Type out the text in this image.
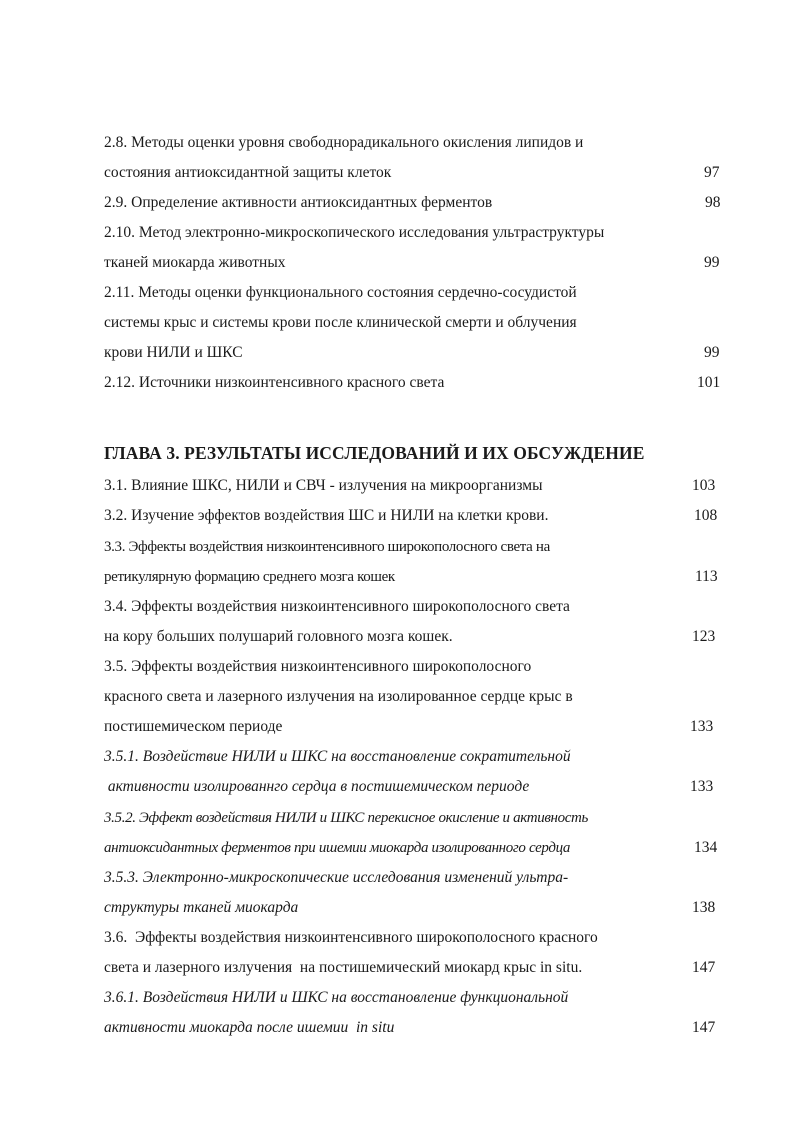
2.8. Методы оценки уровня свободнорадикального окисления липидов и
состояния антиоксидантной защиты клеток	97
2.9. Определение активности антиоксидантных ферментов	98
2.10. Метод электронно-микроскопического исследования ультраструктуры
тканей миокарда животных	99
2.11. Методы оценки функционального состояния сердечно-сосудистой
системы крыс и системы крови после клинической смерти и облучения
крови НИЛИ и ШКС	99
2.12. Источники низкоинтенсивного красного света	101
ГЛАВА 3. РЕЗУЛЬТАТЫ ИССЛЕДОВАНИЙ И ИХ ОБСУЖДЕНИЕ
3.1. Влияние ШКС, НИЛИ и СВЧ - излучения на микроорганизмы	103
3.2. Изучение эффектов воздействия ШС и НИЛИ на клетки крови.	108
3.3. Эффекты воздействия низкоинтенсивного широкополосного света на
ретикулярную формацию среднего мозга кошек	113
3.4. Эффекты воздействия низкоинтенсивного широкополосного света
на кору больших полушарий головного мозга кошек.	123
3.5. Эффекты воздействия низкоинтенсивного широкополосного
красного света и лазерного излучения на изолированное сердце крыс в
постишемическом периоде	133
3.5.1. Воздействие НИЛИ и ШКС на восстановление сократительной
активности изолированнго сердца в постишемическом периоде	133
3.5.2. Эффект воздействия НИЛИ и ШКС перекисное окисление и активность
антиоксидантных ферментов при ишемии миокарда изолированного сердца	134
3.5.3. Электронно-микроскопические исследования изменений ультра-
структуры тканей миокарда	138
3.6.  Эффекты воздействия низкоинтенсивного широкополосного красного
света и лазерного излучения  на постишемический миокард крыс in situ.	147
3.6.1. Воздействия НИЛИ и ШКС на восстановление функциональной
активности миокарда после ишемии  in situ	147
